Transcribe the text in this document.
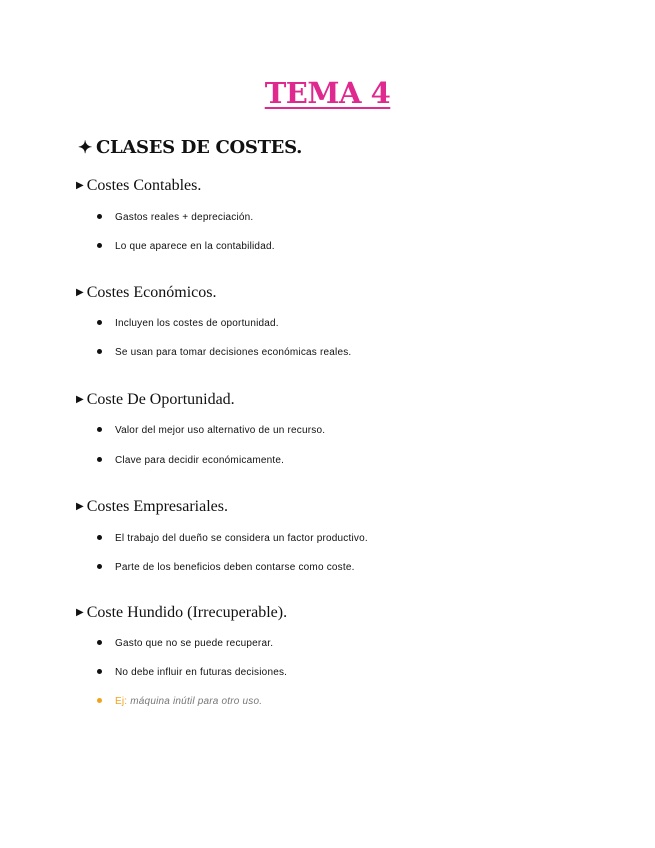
TEMA 4
✦ CLASES DE COSTES.
▶ Costes Contables.
Gastos reales + depreciación.
Lo que aparece en la contabilidad.
▶ Costes Económicos.
Incluyen los costes de oportunidad.
Se usan para tomar decisiones económicas reales.
▶ Coste De Oportunidad.
Valor del mejor uso alternativo de un recurso.
Clave para decidir económicamente.
▶ Costes Empresariales.
El trabajo del dueño se considera un factor productivo.
Parte de los beneficios deben contarse como coste.
▶ Coste Hundido (Irrecuperable).
Gasto que no se puede recuperar.
No debe influir en futuras decisiones.
Ej: máquina inútil para otro uso.
